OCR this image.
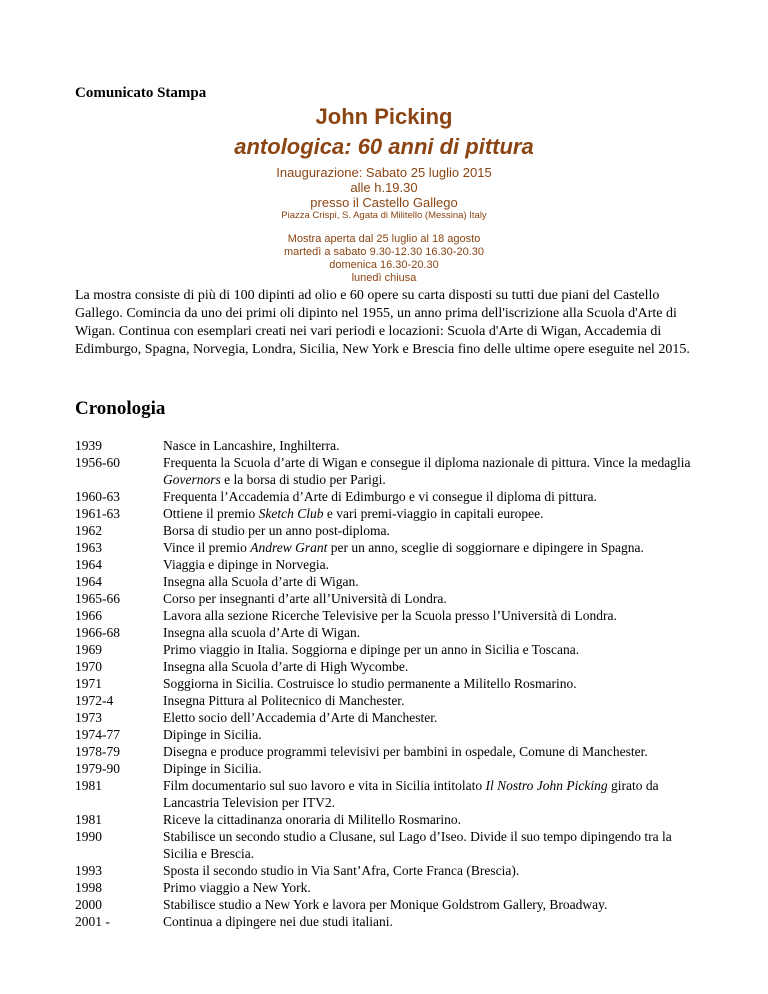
Comunicato Stampa
John Picking
antologica: 60 anni di pittura
Inaugurazione: Sabato 25 luglio 2015
alle h.19.30
presso il Castello Gallego
Piazza Crispi, S. Agata di Militello (Messina) Italy
Mostra aperta dal 25 luglio al 18 agosto
martedì a sabato 9.30-12.30 16.30-20.30
domenica 16.30-20.30
lunedì chiusa
La mostra consiste di più di 100 dipinti ad olio e 60 opere su carta disposti su tutti due piani del Castello Gallego. Comincia da uno dei primi oli dipinto nel 1955, un anno prima dell'iscrizione alla Scuola d'Arte di Wigan. Continua con esemplari creati nei vari periodi e locazioni: Scuola d'Arte di Wigan, Accademia di Edimburgo, Spagna, Norvegia, Londra, Sicilia, New York e Brescia fino delle ultime opere eseguite nel 2015.
Cronologia
1939	Nasce in Lancashire, Inghilterra.
1956-60	Frequenta la Scuola d’arte di Wigan e consegue il diploma nazionale di pittura. Vince la medaglia Governors e la borsa di studio per Parigi.
1960-63	Frequenta l’Accademia d’Arte di Edimburgo e vi consegue il diploma di pittura.
1961-63	Ottiene il premio Sketch Club e vari premi-viaggio in capitali europee.
1962	Borsa di studio per un anno post-diploma.
1963	Vince il premio Andrew Grant per un anno, sceglie di soggiornare e dipingere in Spagna.
1964	Viaggia e dipinge in Norvegia.
1964	Insegna alla Scuola d’arte di Wigan.
1965-66	Corso per insegnanti d’arte all’Università di Londra.
1966	Lavora alla sezione Ricerche Televisive per la Scuola presso l’Università di Londra.
1966-68	Insegna alla scuola d’Arte di Wigan.
1969	Primo viaggio in Italia. Soggiorna e dipinge per un anno in Sicilia e Toscana.
1970	Insegna alla Scuola d’arte di High Wycombe.
1971	Soggiorna in Sicilia. Costruisce lo studio permanente a Militello Rosmarino.
1972-4	Insegna Pittura al Politecnico di Manchester.
1973	Eletto socio dell’Accademia d’Arte di Manchester.
1974-77	Dipinge in Sicilia.
1978-79	Disegna e produce programmi televisivi per bambini in ospedale, Comune di Manchester.
1979-90	Dipinge in Sicilia.
1981	Film documentario sul suo lavoro e vita in Sicilia intitolato Il Nostro John Picking girato da Lancastria Television per ITV2.
1981	Riceve la cittadinanza onoraria di Militello Rosmarino.
1990	Stabilisce un secondo studio a Clusane, sul Lago d’Iseo. Divide il suo tempo dipingendo tra la Sicilia e Brescia.
1993	Sposta il secondo studio in Via Sant’Afra, Corte Franca (Brescia).
1998	Primo viaggio a New York.
2000	Stabilisce studio a New York e lavora per Monique Goldstrom Gallery, Broadway.
2001 -	Continua a dipingere nei due studi italiani.
